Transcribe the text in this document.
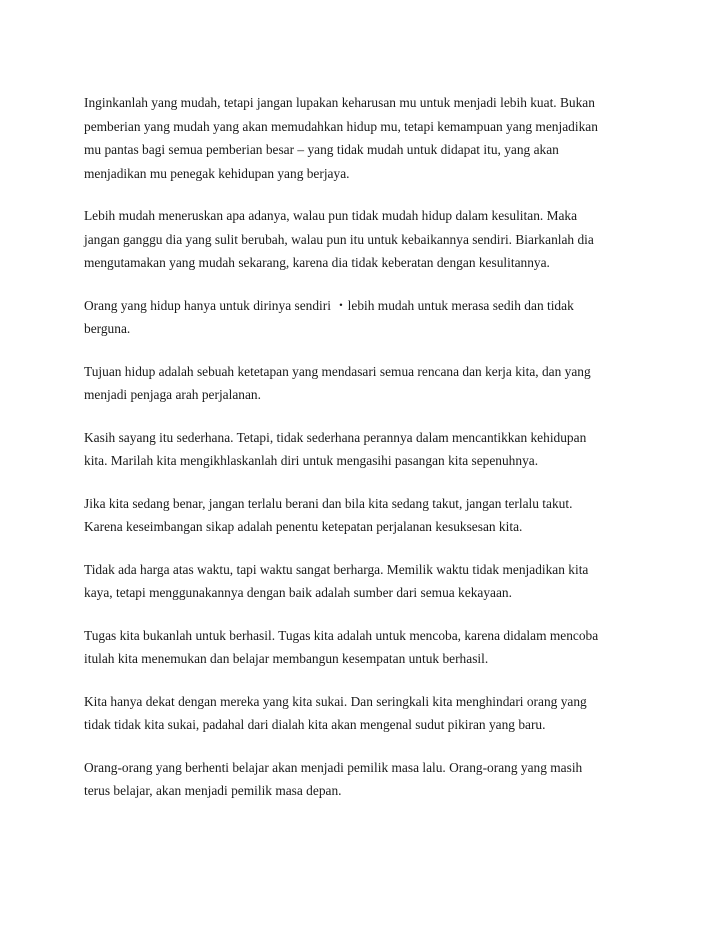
Inginkanlah yang mudah, tetapi jangan lupakan keharusan mu untuk menjadi lebih kuat. Bukan
pemberian yang mudah yang akan memudahkan hidup mu, tetapi kemampuan yang menjadikan
mu pantas bagi semua pemberian besar – yang tidak mudah untuk didapat itu, yang akan
menjadikan mu penegak kehidupan yang berjaya.

Lebih mudah meneruskan apa adanya, walau pun tidak mudah hidup dalam kesulitan. Maka
jangan ganggu dia yang sulit berubah, walau pun itu untuk kebaikannya sendiri. Biarkanlah dia
mengutamakan yang mudah sekarang, karena dia tidak keberatan dengan kesulitannya.

Orang yang hidup hanya untuk dirinya sendiri ・lebih mudah untuk merasa sedih dan tidak
berguna.

Tujuan hidup adalah sebuah ketetapan yang mendasari semua rencana dan kerja kita, dan yang
menjadi penjaga arah perjalanan.

Kasih sayang itu sederhana. Tetapi, tidak sederhana perannya dalam mencantikkan kehidupan
kita. Marilah kita mengikhlaskanlah diri untuk mengasihi pasangan kita sepenuhnya.

Jika kita sedang benar, jangan terlalu berani dan bila kita sedang takut, jangan terlalu takut.
Karena keseimbangan sikap adalah penentu ketepatan perjalanan kesuksesan kita.

Tidak ada harga atas waktu, tapi waktu sangat berharga. Memilik waktu tidak menjadikan kita
kaya, tetapi menggunakannya dengan baik adalah sumber dari semua kekayaan.

Tugas kita bukanlah untuk berhasil. Tugas kita adalah untuk mencoba, karena didalam mencoba
itulah kita menemukan dan belajar membangun kesempatan untuk berhasil.

Kita hanya dekat dengan mereka yang kita sukai. Dan seringkali kita menghindari orang yang
tidak tidak kita sukai, padahal dari dialah kita akan mengenal sudut pikiran yang baru.

Orang-orang yang berhenti belajar akan menjadi pemilik masa lalu. Orang-orang yang masih
terus belajar, akan menjadi pemilik masa depan.
